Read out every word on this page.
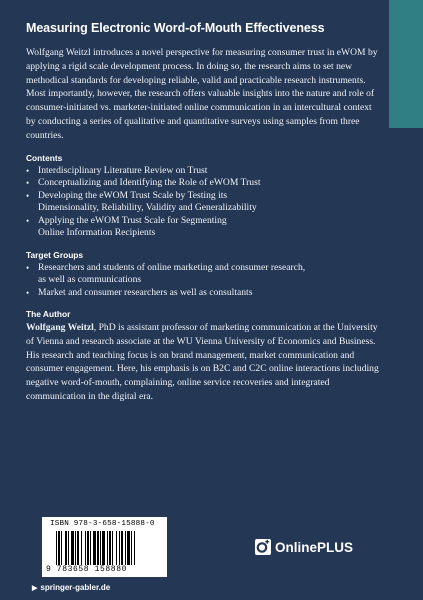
Measuring Electronic Word-of-Mouth Effectiveness

Wolfgang Weitzl introduces a novel perspective for measuring consumer trust in eWOM by applying a rigid scale development process. In doing so, the research aims to set new methodical standards for developing reliable, valid and practicable research instruments. Most importantly, however, the research offers valuable insights into the nature and role of consumer-initiated vs. marketer-initiated online communication in an intercultural context by conducting a series of qualitative and quantitative surveys using samples from three countries.

Contents
• Interdisciplinary Literature Review on Trust
• Conceptualizing and Identifying the Role of eWOM Trust
• Developing the eWOM Trust Scale by Testing its
Dimensionality, Reliability, Validity and Generalizability
• Applying the eWOM Trust Scale for Segmenting
Online Information Recipients
Target Groups
• Researchers and students of online marketing and consumer research,
as well as communications
• Market and consumer researchers as well as consultants
The Author

Wolfgang Weitzl, PhD is assistant professor of marketing communication at the University of Vienna and research associate at the WU Vienna University of Economics and Business. His research and teaching focus is on brand management, market communication and consumer engagement. Here, his emphasis is on B2C and C2C online interactions including negative word-of-mouth, complaining, online service recoveries and integrated communication in the digital era.

ISBN 978-3-658-15888-0
9 783658 158880
▶ springer-gabler.de
OnlinePLUS
